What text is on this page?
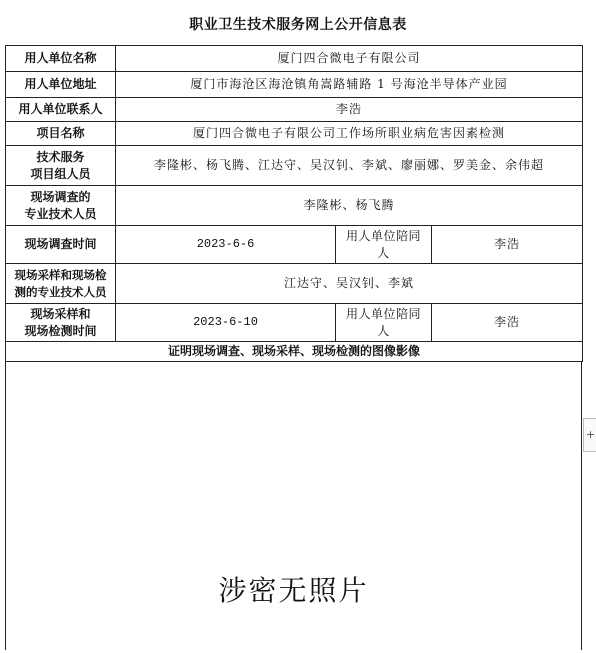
职业卫生技术服务网上公开信息表
用人单位名称	厦门四合微电子有限公司		
用人单位地址	厦门市海沧区海沧镇角嵩路辅路 1 号海沧半导体产业园		
用人单位联系人	李浩		
项目名称	厦门四合微电子有限公司工作场所职业病危害因素检测		

技术服务
项目组人员	李隆彬、杨飞腾、江达守、吴汉钊、李斌、廖丽娜、罗美金、余伟超		

现场调查的
专业技术人员	李隆彬、杨飞腾		
现场调查时间	2023-6-6	用人单位陪同人	李浩

现场采样和现场检
测的专业技术人员	江达守、吴汉钊、李斌		

现场采样和
现场检测时间	2023-6-10	用人单位陪同人	李浩
证明现场调查、现场采样、现场检测的图像影像			
涉密无照片
+
